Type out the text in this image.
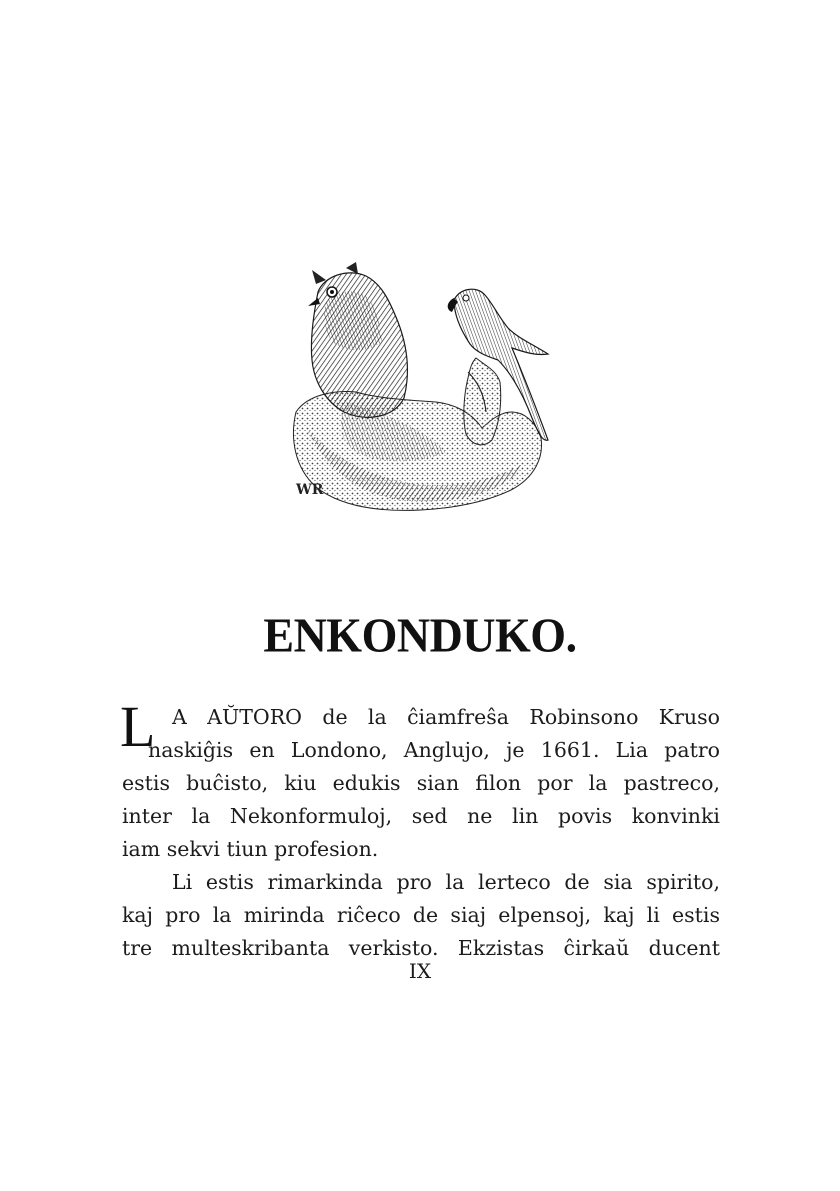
WR
ENKONDUKO.
L A AŬTORO de la ĉiamfreŝa Robinsono Kruso
naskiĝis en Londono, Anglujo, je 1661. Lia patro
estis buĉisto, kiu edukis sian filon por la pastreco,
inter la Nekonformuloj, sed ne lin povis konvinki
iam sekvi tiun profesion.
Li estis rimarkinda pro la lerteco de sia spirito,
kaj pro la mirinda riĉeco de siaj elpensoj, kaj li estis
tre multeskribanta verkisto. Ekzistas ĉirkaŭ ducent
IX
